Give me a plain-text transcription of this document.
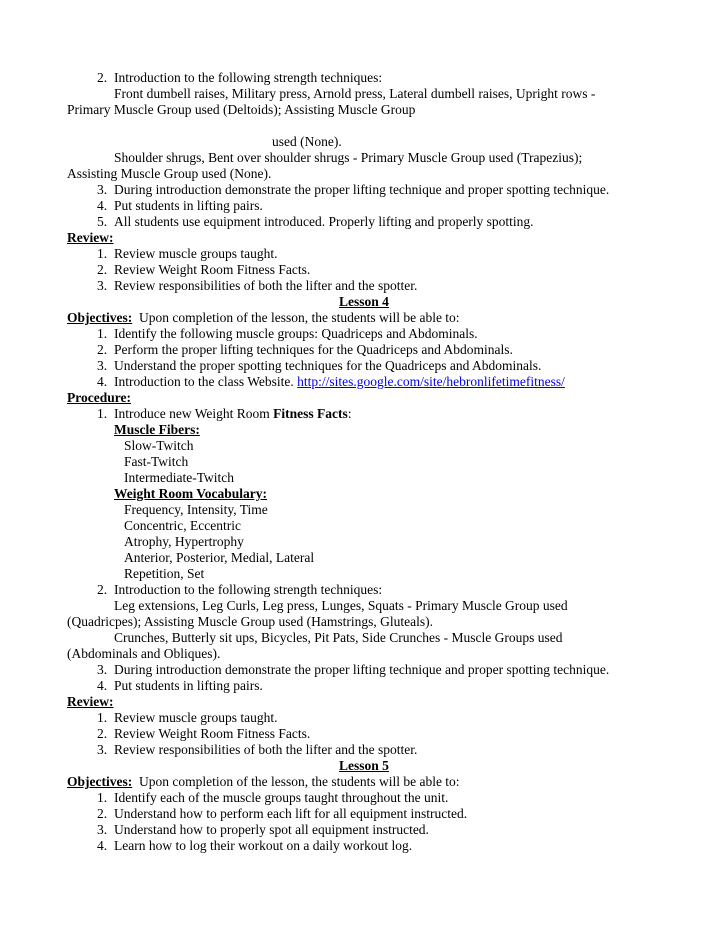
2. Introduction to the following strength techniques:
Front dumbell raises, Military press, Arnold press, Lateral dumbell raises, Upright rows -
Primary Muscle Group used (Deltoids); Assisting Muscle Group
used (None).
Shoulder shrugs, Bent over shoulder shrugs - Primary Muscle Group used (Trapezius);
Assisting Muscle Group used (None).
3. During introduction demonstrate the proper lifting technique and proper spotting technique.
4. Put students in lifting pairs.
5. All students use equipment introduced. Properly lifting and properly spotting.
Review:
1. Review muscle groups taught.
2. Review Weight Room Fitness Facts.
3. Review responsibilities of both the lifter and the spotter.
Lesson 4
Objectives: Upon completion of the lesson, the students will be able to:
1. Identify the following muscle groups: Quadriceps and Abdominals.
2. Perform the proper lifting techniques for the Quadriceps and Abdominals.
3. Understand the proper spotting techniques for the Quadriceps and Abdominals.
4. Introduction to the class Website. http://sites.google.com/site/hebronlifetimefitness/
Procedure:
1. Introduce new Weight Room Fitness Facts:
Muscle Fibers:
Slow-Twitch
Fast-Twitch
Intermediate-Twitch
Weight Room Vocabulary:
Frequency, Intensity, Time
Concentric, Eccentric
Atrophy, Hypertrophy
Anterior, Posterior, Medial, Lateral
Repetition, Set
2. Introduction to the following strength techniques:
Leg extensions, Leg Curls, Leg press, Lunges, Squats - Primary Muscle Group used
(Quadricpes); Assisting Muscle Group used (Hamstrings, Gluteals).
Crunches, Butterly sit ups, Bicycles, Pit Pats, Side Crunches - Muscle Groups used
(Abdominals and Obliques).
3. During introduction demonstrate the proper lifting technique and proper spotting technique.
4. Put students in lifting pairs.
Review:
1. Review muscle groups taught.
2. Review Weight Room Fitness Facts.
3. Review responsibilities of both the lifter and the spotter.
Lesson 5
Objectives: Upon completion of the lesson, the students will be able to:
1. Identify each of the muscle groups taught throughout the unit.
2. Understand how to perform each lift for all equipment instructed.
3. Understand how to properly spot all equipment instructed.
4. Learn how to log their workout on a daily workout log.
